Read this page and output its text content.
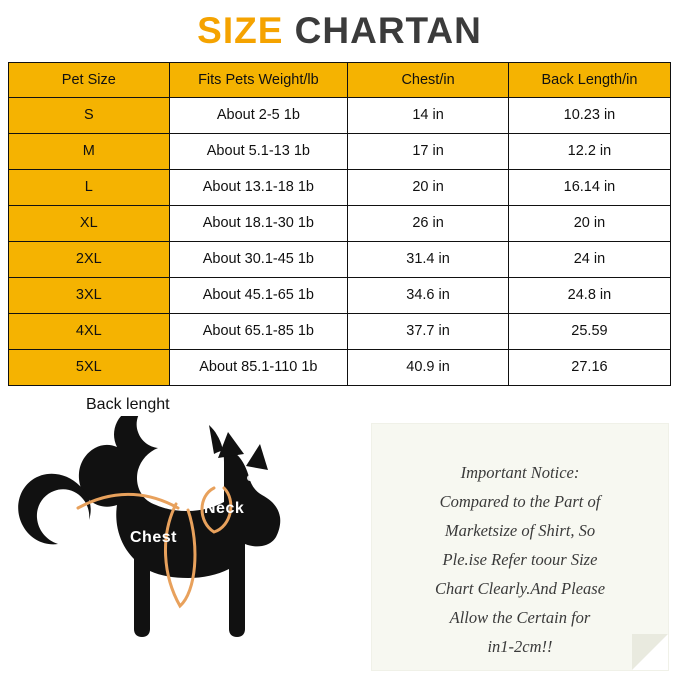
SIZE CHARTAN
Pet Size	Fits Pets Weight/lb	Chest/in	Back Length/in
S	About 2-5 1b	14 in	10.23 in
M	About 5.1-13 1b	17 in	12.2 in
L	About 13.1-18 1b	20 in	16.14 in
XL	About 18.1-30 1b	26 in	20 in
2XL	About 30.1-45 1b	31.4 in	24 in
3XL	About 45.1-65 1b	34.6 in	24.8 in
4XL	About 65.1-85 1b	37.7 in	25.59
5XL	About 85.1-110 1b	40.9 in	27.16
Back lenght
Chest
Neck
Important Notice:
Compared to the Part of
Marketsize of Shirt, So
Ple.ise Refer toour Size
Chart Clearly.And Please
Allow the Certain for
in1-2cm!!
